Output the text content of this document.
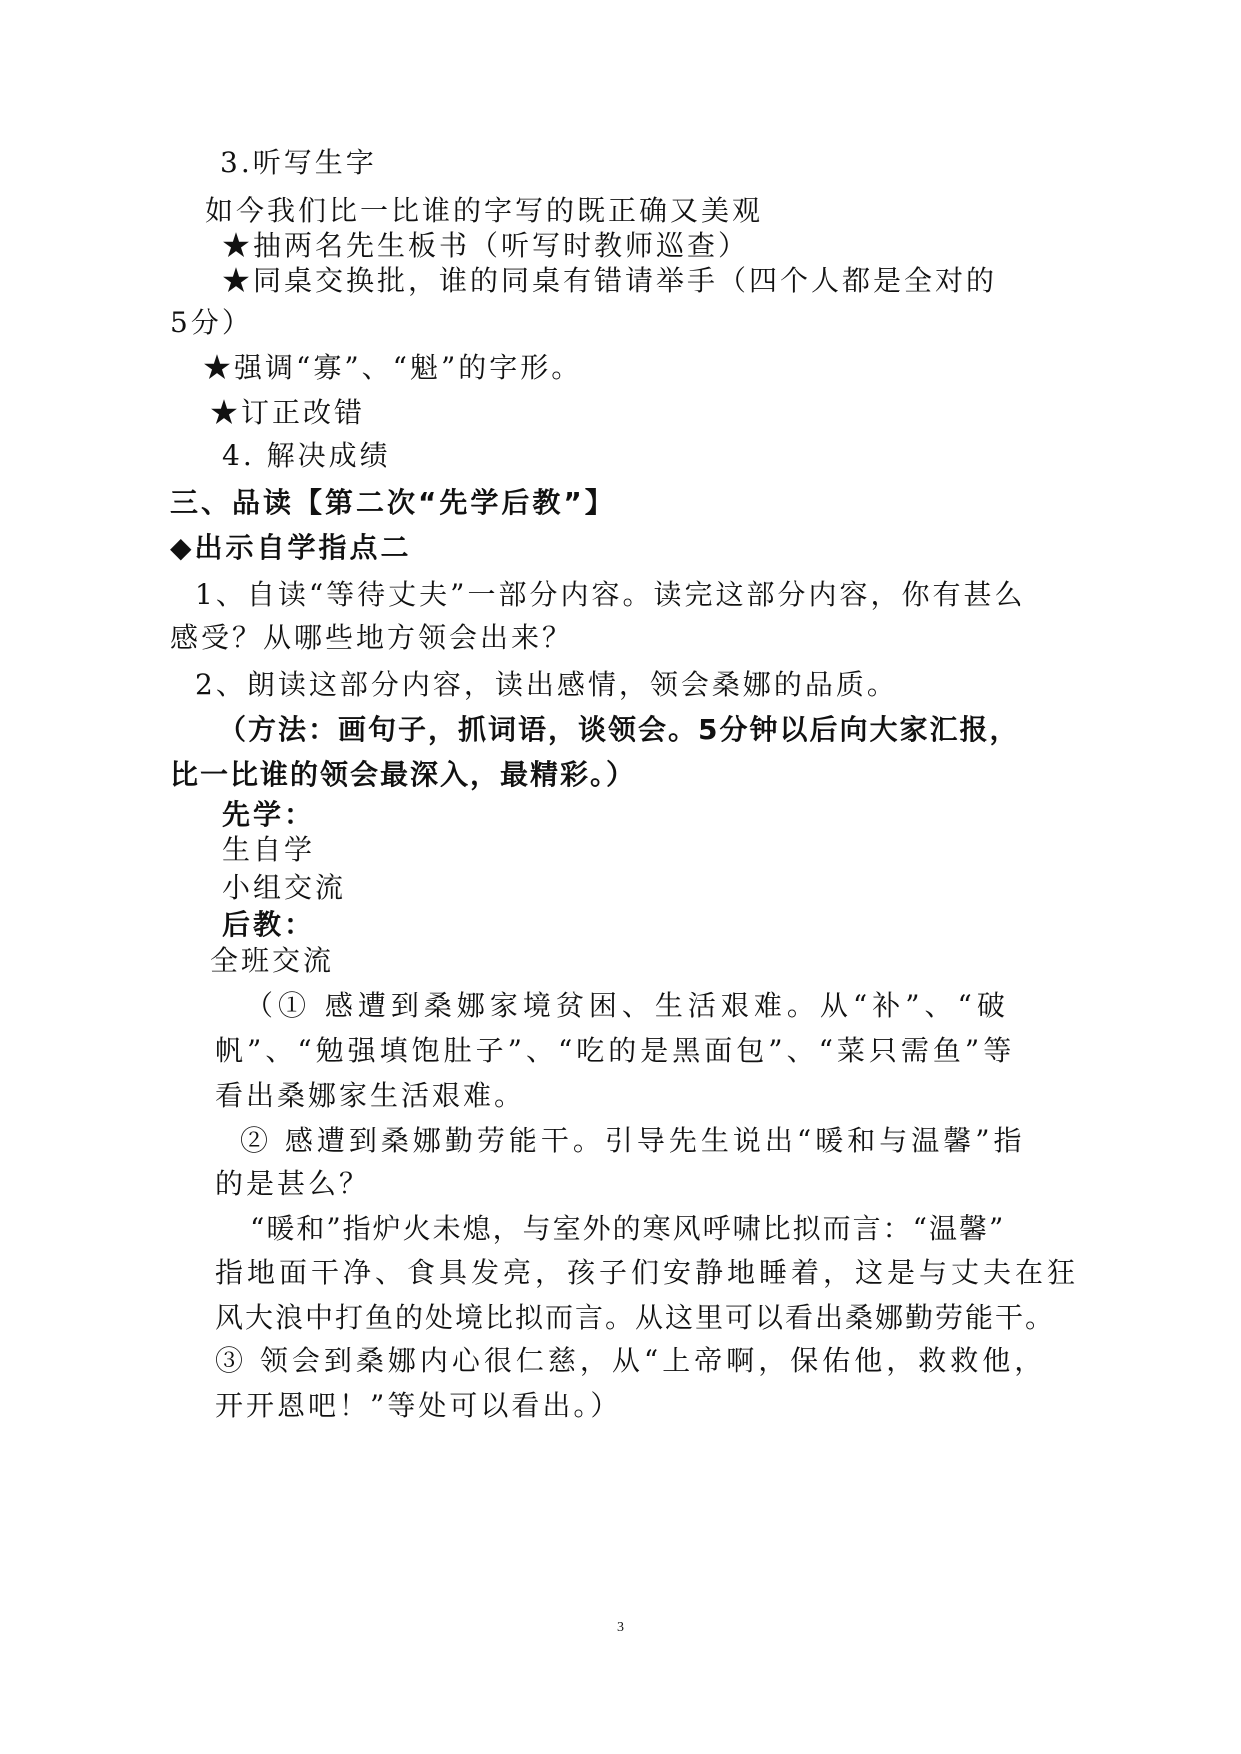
3.听写生字
如今我们比一比谁的字写的既正确又美观
★抽两名先生板书（听写时教师巡查）
★同桌交换批，谁的同桌有错请举手（四个人都是全对的
5分）
★强调“寡”、“魁”的字形。
★订正改错
4. 解决成绩
三、品读【第二次“先学后教”】
◆出示自学指点二
1、自读“等待丈夫”一部分内容。读完这部分内容，你有甚么
感受？从哪些地方领会出来？
2、朗读这部分内容，读出感情，领会桑娜的品质。
（方法：画句子，抓词语，谈领会。5分钟以后向大家汇报，
比一比谁的领会最深入，最精彩。）
先学：
生自学
小组交流
后教：
全班交流
（① 感遭到桑娜家境贫困、生活艰难。从“补”、“破
帆”、“勉强填饱肚子”、“吃的是黑面包”、“菜只需鱼”等
看出桑娜家生活艰难。
② 感遭到桑娜勤劳能干。引导先生说出“暖和与温馨”指
的是甚么？
“暖和”指炉火未熄，与室外的寒风呼啸比拟而言：“温馨”
指地面干净、食具发亮，孩子们安静地睡着，这是与丈夫在狂
风大浪中打鱼的处境比拟而言。从这里可以看出桑娜勤劳能干。
③ 领会到桑娜内心很仁慈，从“上帝啊，保佑他，救救他，
开开恩吧！”等处可以看出。）
3
